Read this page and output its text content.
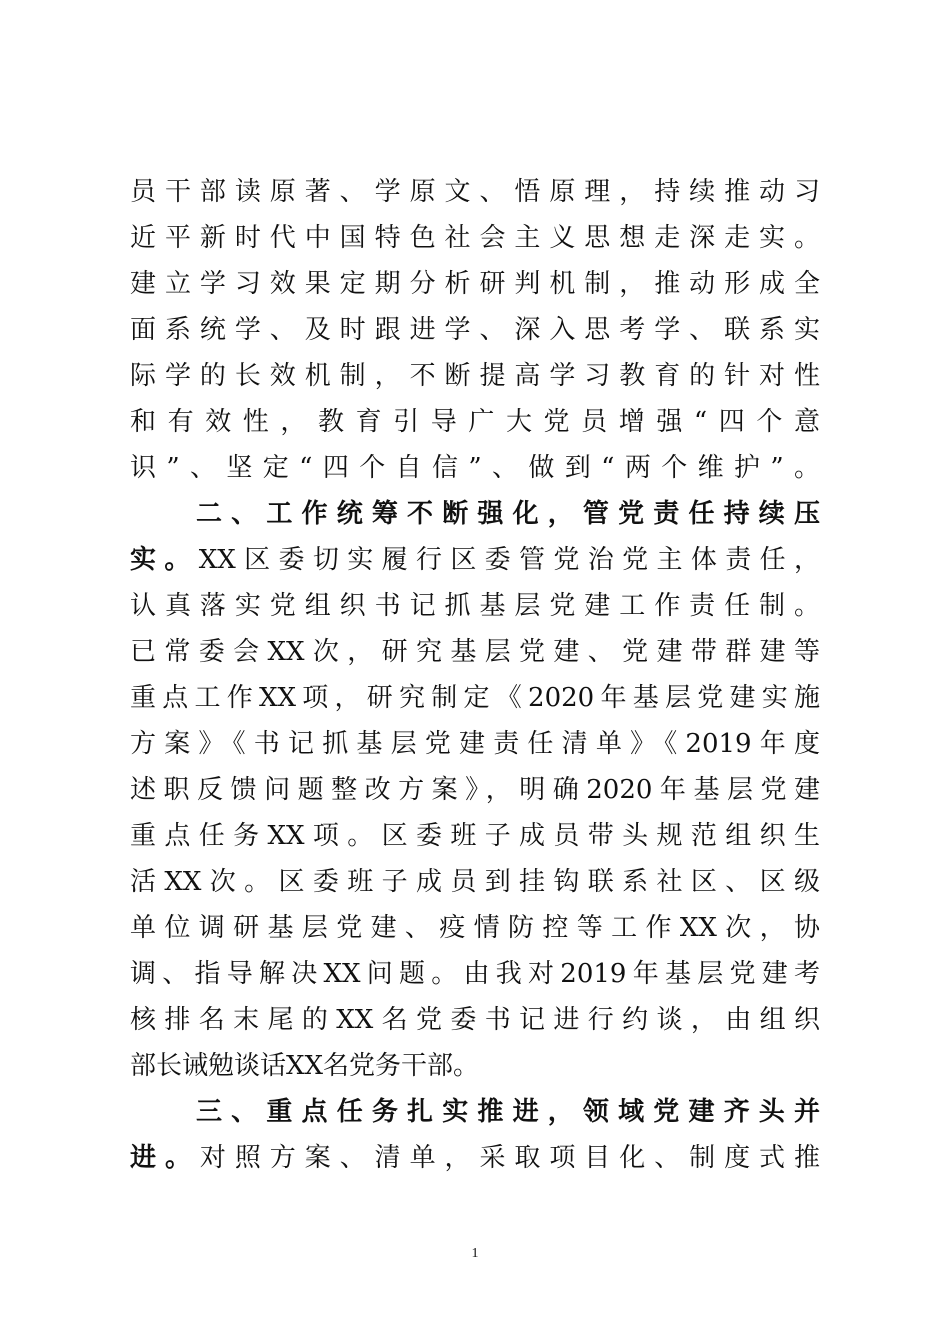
员干部读原著、学原文、悟原理，持续推动习
近平新时代中国特色社会主义思想走深走实。
建立学习效果定期分析研判机制，推动形成全
面系统学、及时跟进学、深入思考学、联系实
际学的长效机制，不断提高学习教育的针对性
和有效性，教育引导广大党员增强“四个意
识”、坚定“四个自信”、做到“两个维护”。
二、工作统筹不断强化，管党责任持续压
实。XX区委切实履行区委管党治党主体责任，
认真落实党组织书记抓基层党建工作责任制。
已常委会XX次，研究基层党建、党建带群建等
重点工作XX项，研究制定《2020年基层党建实施
方案》《书记抓基层党建责任清单》《2019年度
述职反馈问题整改方案》，明确2020年基层党建
重点任务XX项。区委班子成员带头规范组织生
活XX次。区委班子成员到挂钩联系社区、区级
单位调研基层党建、疫情防控等工作XX次，协
调、指导解决XX问题。由我对2019年基层党建考
核排名末尾的XX名党委书记进行约谈，由组织
部长诫勉谈话XX名党务干部。
三、重点任务扎实推进，领域党建齐头并
进。对照方案、清单，采取项目化、制度式推
1
